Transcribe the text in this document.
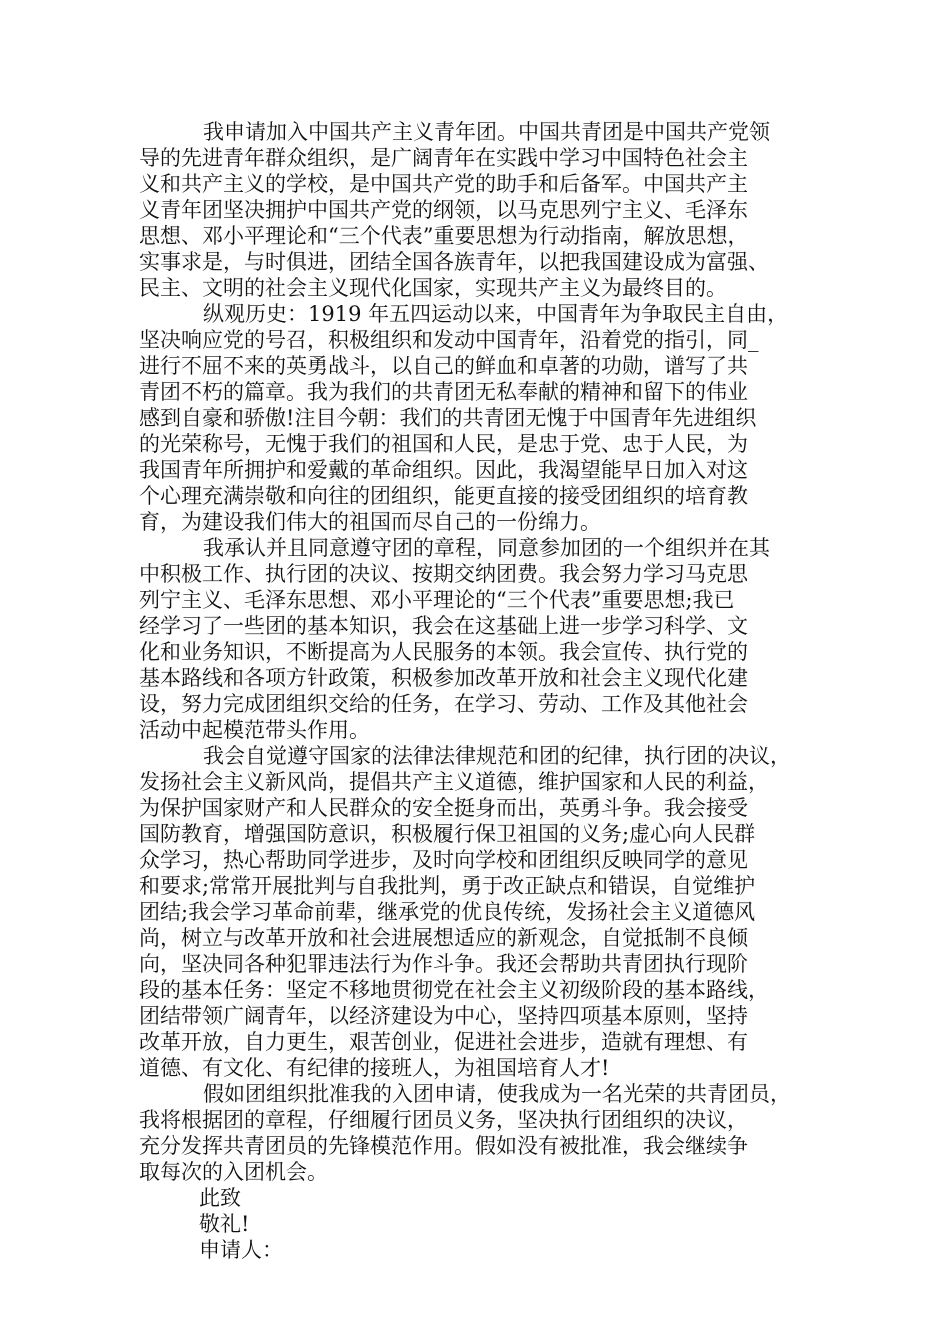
我申请加入中国共产主义青年团。中国共青团是中国共产党领
导的先进青年群众组织，是广阔青年在实践中学习中国特色社会主
义和共产主义的学校，是中国共产党的助手和后备军。中国共产主
义青年团坚决拥护中国共产党的纲领，以马克思列宁主义、毛泽东
思想、邓小平理论和“三个代表”重要思想为行动指南，解放思想，
实事求是，与时俱进，团结全国各族青年，以把我国建设成为富强、
民主、文明的社会主义现代化国家，实现共产主义为最终目的。
纵观历史：1919 年五四运动以来，中国青年为争取民主自由，
坚决响应党的号召，积极组织和发动中国青年，沿着党的指引，同_
进行不屈不来的英勇战斗，以自己的鲜血和卓著的功勋，谱写了共
青团不朽的篇章。我为我们的共青团无私奉献的精神和留下的伟业
感到自豪和骄傲!注目今朝：我们的共青团无愧于中国青年先进组织
的光荣称号，无愧于我们的祖国和人民，是忠于党、忠于人民，为
我国青年所拥护和爱戴的革命组织。因此，我渴望能早日加入对这
个心理充满崇敬和向往的团组织，能更直接的接受团组织的培育教
育，为建设我们伟大的祖国而尽自己的一份绵力。
我承认并且同意遵守团的章程，同意参加团的一个组织并在其
中积极工作、执行团的决议、按期交纳团费。我会努力学习马克思
列宁主义、毛泽东思想、邓小平理论的“三个代表”重要思想;我已
经学习了一些团的基本知识，我会在这基础上进一步学习科学、文
化和业务知识，不断提高为人民服务的本领。我会宣传、执行党的
基本路线和各项方针政策，积极参加改革开放和社会主义现代化建
设，努力完成团组织交给的任务，在学习、劳动、工作及其他社会
活动中起模范带头作用。
我会自觉遵守国家的法律法律规范和团的纪律，执行团的决议，
发扬社会主义新风尚，提倡共产主义道德，维护国家和人民的利益，
为保护国家财产和人民群众的安全挺身而出，英勇斗争。我会接受
国防教育，增强国防意识，积极履行保卫祖国的义务;虚心向人民群
众学习，热心帮助同学进步，及时向学校和团组织反映同学的意见
和要求;常常开展批判与自我批判，勇于改正缺点和错误，自觉维护
团结;我会学习革命前辈，继承党的优良传统，发扬社会主义道德风
尚，树立与改革开放和社会进展想适应的新观念，自觉抵制不良倾
向，坚决同各种犯罪违法行为作斗争。我还会帮助共青团执行现阶
段的基本任务：坚定不移地贯彻党在社会主义初级阶段的基本路线，
团结带领广阔青年，以经济建设为中心，坚持四项基本原则，坚持
改革开放，自力更生，艰苦创业，促进社会进步，造就有理想、有
道德、有文化、有纪律的接班人，为祖国培育人才!
假如团组织批准我的入团申请，使我成为一名光荣的共青团员，
我将根据团的章程，仔细履行团员义务，坚决执行团组织的决议，
充分发挥共青团员的先锋模范作用。假如没有被批准，我会继续争
取每次的入团机会。
此致
敬礼!
申请人：
